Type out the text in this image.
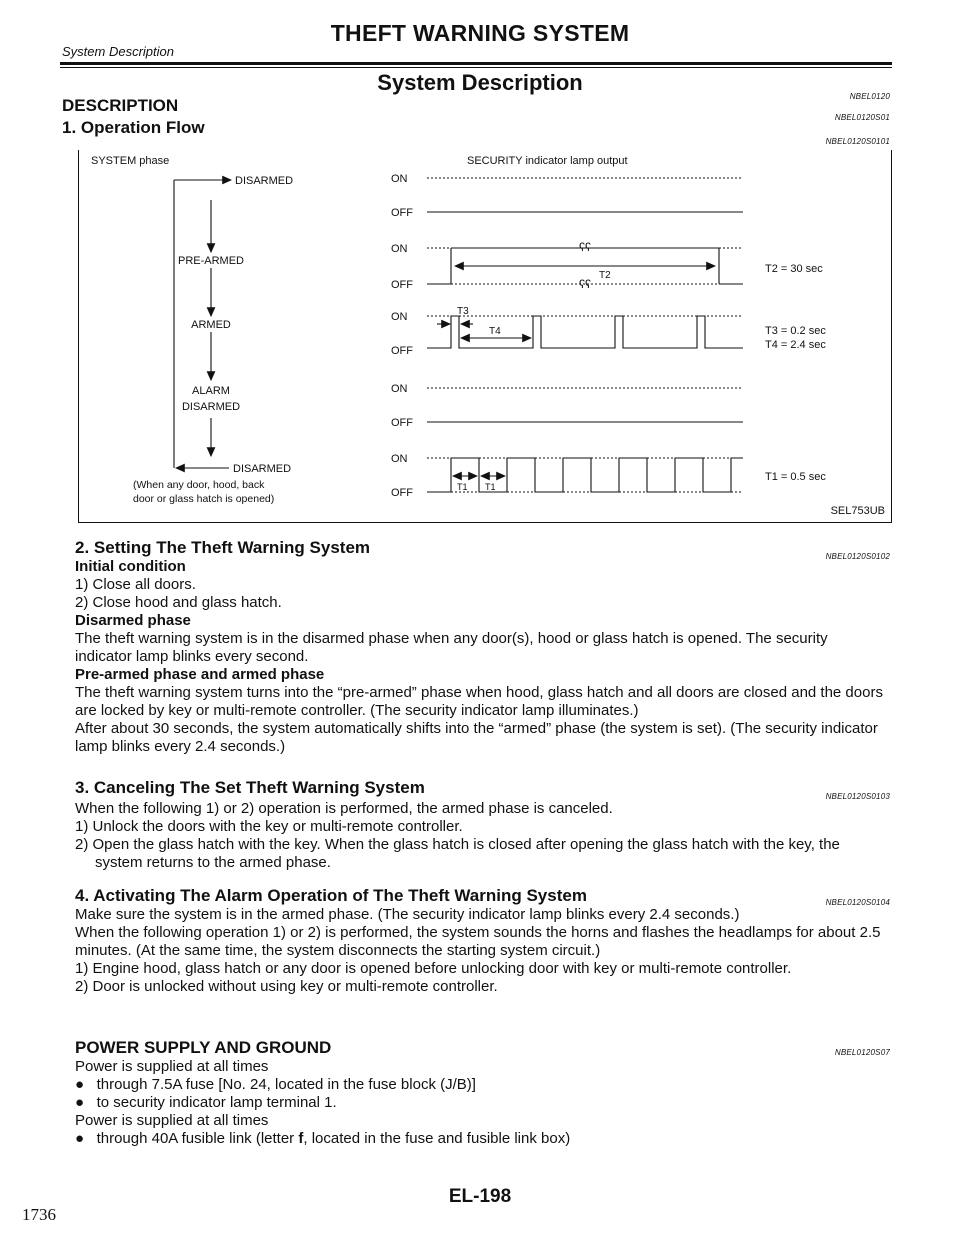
THEFT WARNING SYSTEM
System Description
System Description
NBEL0120
DESCRIPTION
NBEL0120S01
1. Operation Flow
NBEL0120S0101
ʕʕ
ʕʕ
SYSTEM phase
DISARMED
PRE-ARMED
ARMED
ALARM
DISARMED
DISARMED
(When any door, hood, back
door or glass hatch is opened)
SECURITY indicator lamp output
ON
OFF
ON
OFF
ON
OFF
ON
OFF
ON
OFF
T2
T3
T4
T1 T1
T2 = 30 sec
T3 = 0.2 sec
T4 = 2.4 sec
T1 = 0.5 sec
SEL753UB
2. Setting The Theft Warning System	NBEL0120S0102

Initial condition

1) Close all doors.

2) Close hood and glass hatch.

Disarmed phase

The theft warning system is in the disarmed phase when any door(s), hood or glass hatch is opened. The security indicator lamp blinks every second.

Pre-armed phase and armed phase

The theft warning system turns into the “pre-armed” phase when hood, glass hatch and all doors are closed and the doors are locked by key or multi-remote controller. (The security indicator lamp illuminates.)

After about 30 seconds, the system automatically shifts into the “armed” phase (the system is set). (The security indicator lamp blinks every 2.4 seconds.)

3. Canceling The Set Theft Warning System	NBEL0120S0103

When the following 1) or 2) operation is performed, the armed phase is canceled.

1) Unlock the doors with the key or multi-remote controller.

2) Open the glass hatch with the key. When the glass hatch is closed after opening the glass hatch with the key, the system returns to the armed phase.

4. Activating The Alarm Operation of The Theft Warning System	NBEL0120S0104

Make sure the system is in the armed phase. (The security indicator lamp blinks every 2.4 seconds.)

When the following operation 1) or 2) is performed, the system sounds the horns and flashes the headlamps for about 2.5 minutes. (At the same time, the system disconnects the starting system circuit.)

1) Engine hood, glass hatch or any door is opened before unlocking door with key or multi-remote controller.

2) Door is unlocked without using key or multi-remote controller.

POWER SUPPLY AND GROUND	NBEL0120S07

Power is supplied at all times

●   through 7.5A fuse [No. 24, located in the fuse block (J/B)]

●   to security indicator lamp terminal 1.

Power is supplied at all times

●   through 40A fusible link (letter f, located in the fuse and fusible link box)

EL-198
1736
